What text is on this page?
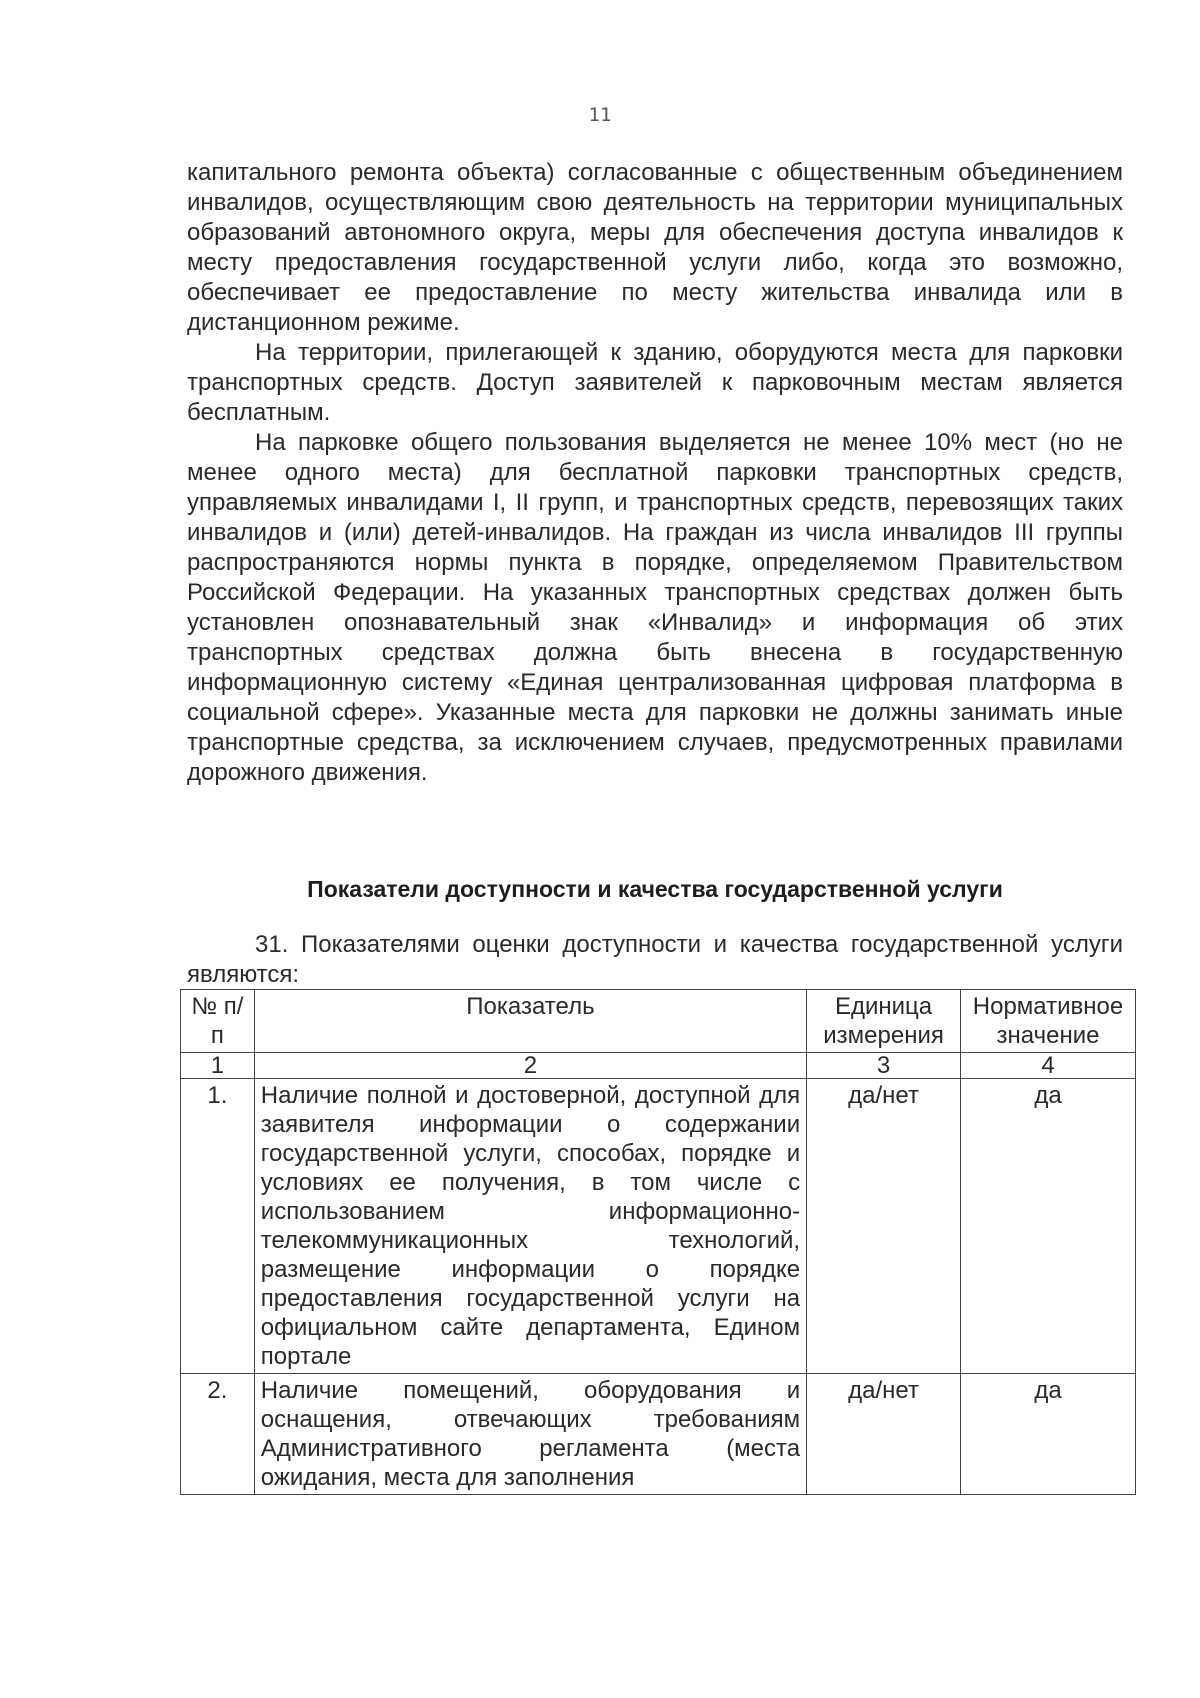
11

капитального ремонта объекта) согласованные с общественным объединением инвалидов, осуществляющим свою деятельность на территории муниципальных образований автономного округа, меры для обеспечения доступа инвалидов к месту предоставления государственной услуги либо, когда это возможно, обеспечивает ее предоставление по месту жительства инвалида или в дистанционном режиме.

На территории, прилегающей к зданию, оборудуются места для парковки транспортных средств. Доступ заявителей к парковочным местам является бесплатным.

На парковке общего пользования выделяется не менее 10% мест (но не менее одного места) для бесплатной парковки транспортных средств, управляемых инвалидами I, II групп, и транспортных средств, перевозящих таких инвалидов и (или) детей-инвалидов. На граждан из числа инвалидов III группы распространяются нормы пункта в порядке, определяемом Правительством Российской Федерации. На указанных транспортных средствах должен быть установлен опознавательный знак «Инвалид» и информация об этих транспортных средствах должна быть внесена в государственную информационную систему «Единая централизованная цифровая платформа в социальной сфере». Указанные места для парковки не должны занимать иные транспортные средства, за исключением случаев, предусмотренных правилами дорожного движения.

Показатели доступности и качества государственной услуги

31. Показателями оценки доступности и качества государственной услуги являются:

№ п/п	Показатель	Единица измерения	Нормативное значение
1	2	3	4
1.	Наличие полной и достоверной, доступной для заявителя информации о содержании государственной услуги, способах, порядке и условиях ее получения, в том числе с использованием информационно-телекоммуникационных технологий, размещение информации о порядке предоставления государственной услуги на официальном сайте департамента, Едином портале	да/нет	да
2.	Наличие помещений, оборудования и оснащения, отвечающих требованиям Административного регламента (места ожидания, места для заполнения	да/нет	да
